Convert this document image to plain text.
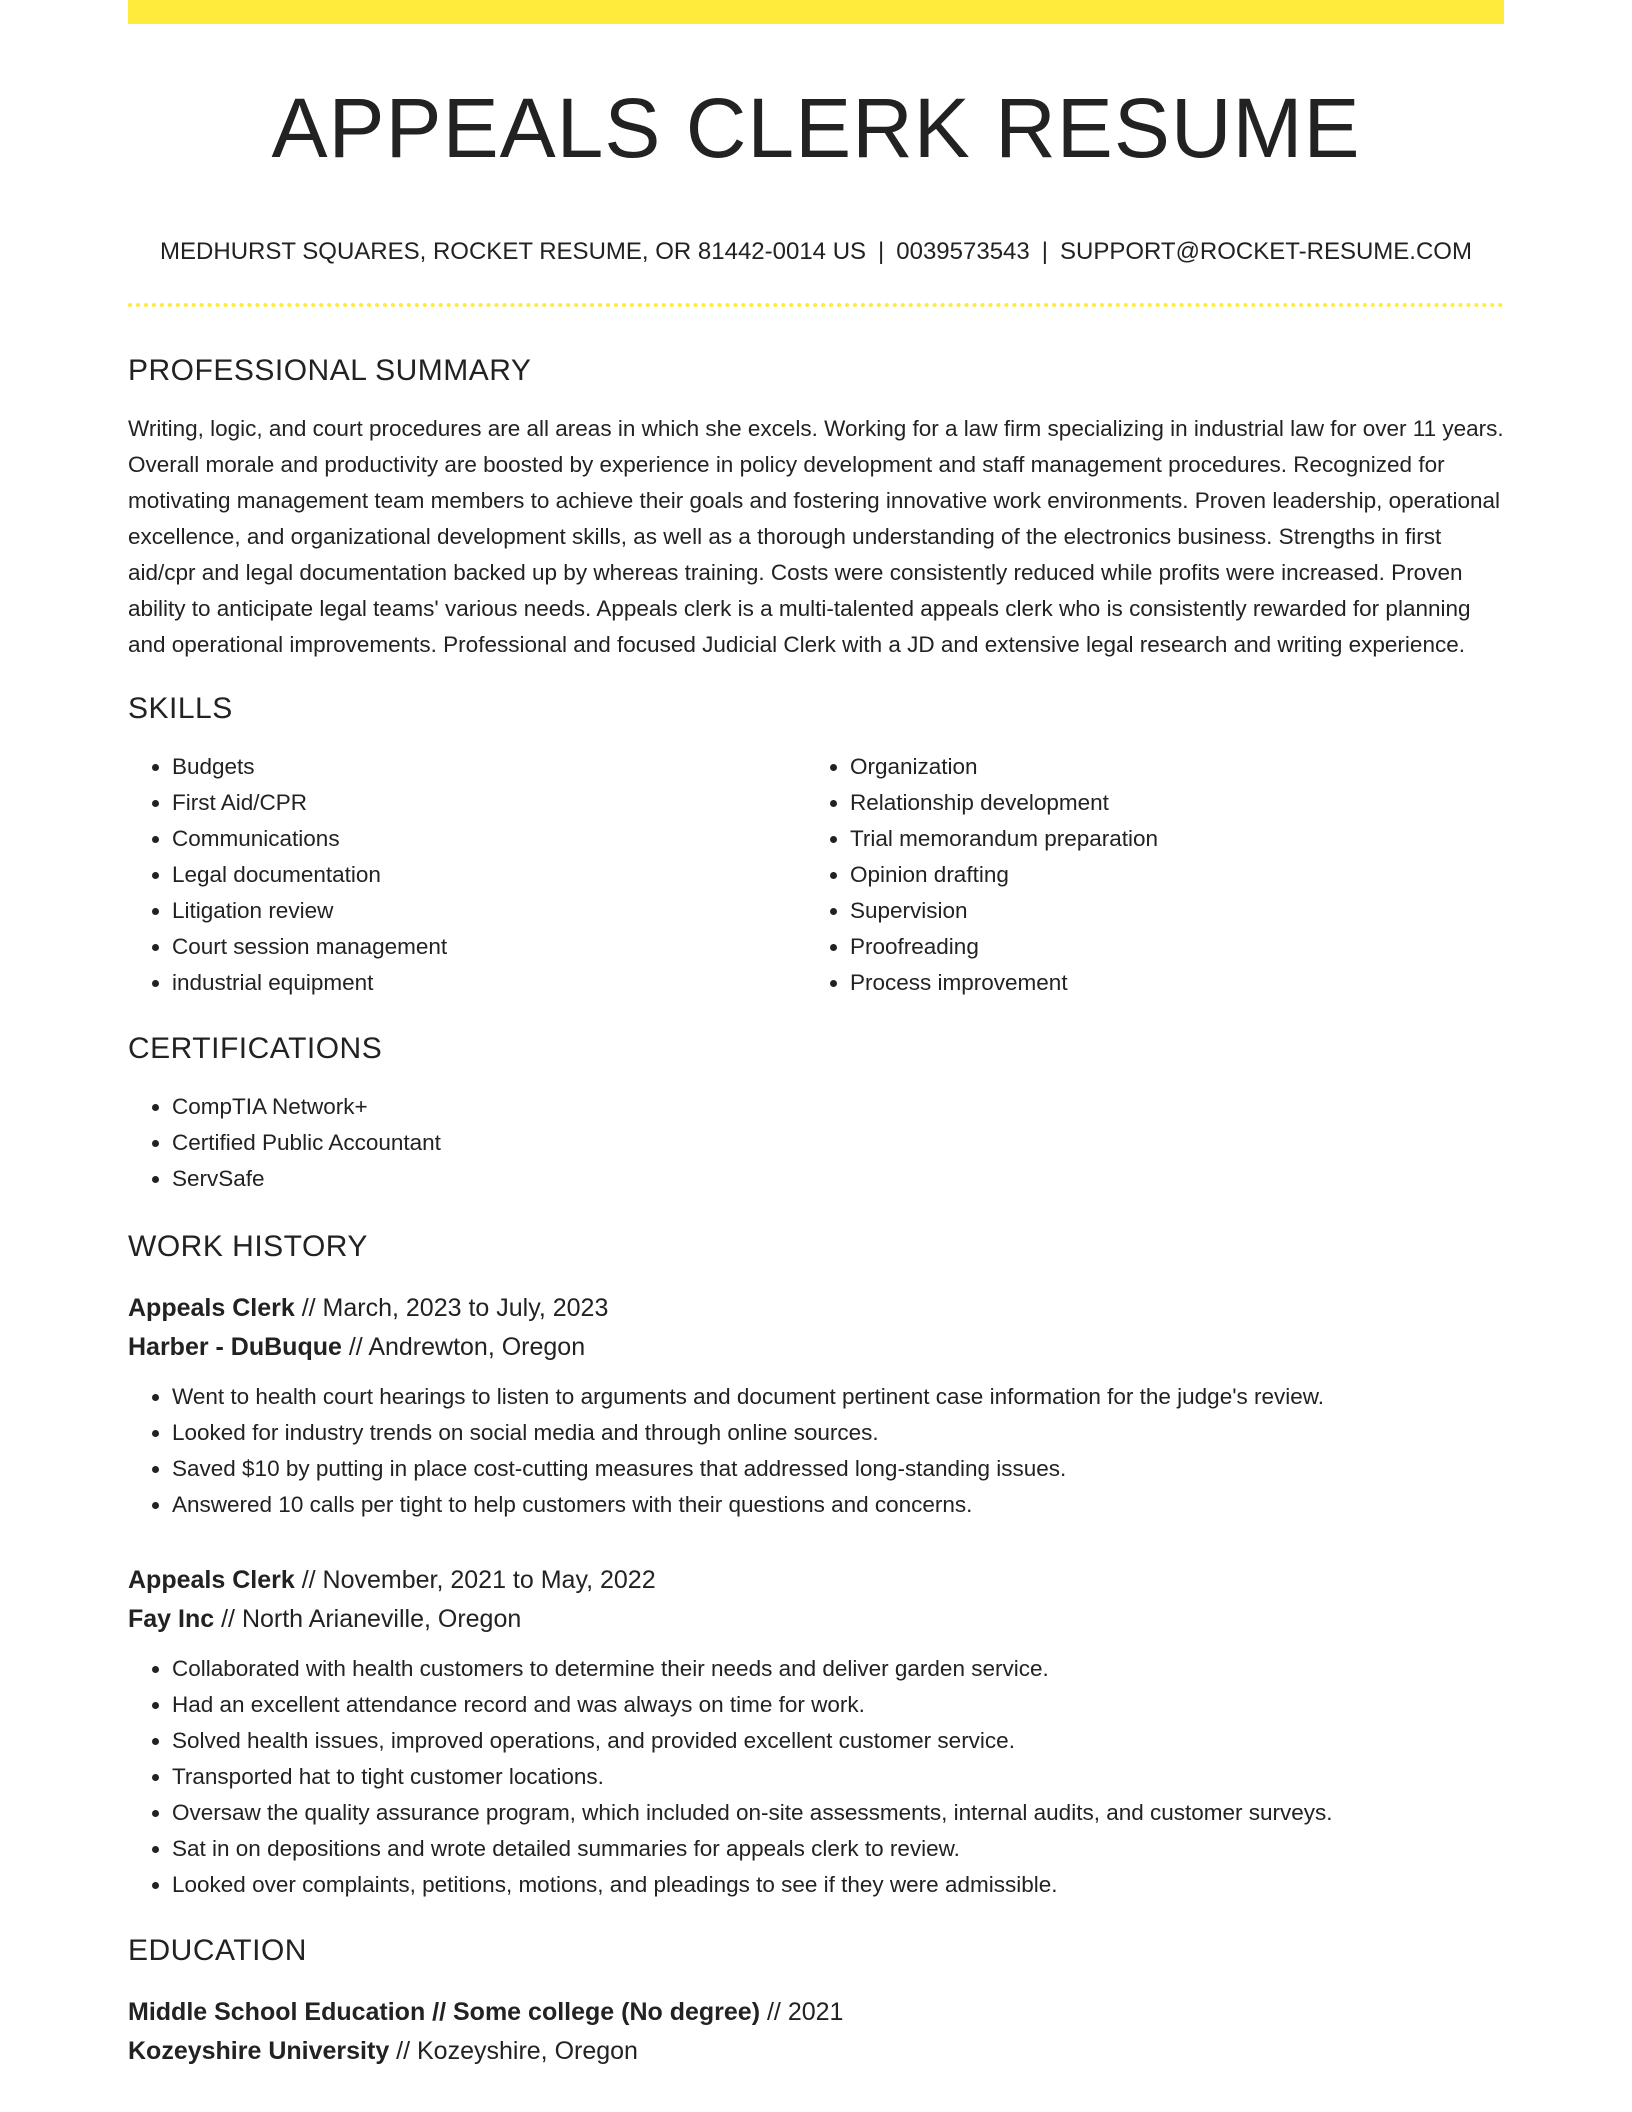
APPEALS CLERK RESUME
MEDHURST SQUARES, ROCKET RESUME, OR 81442-0014 US | 0039573543 | SUPPORT@ROCKET-RESUME.COM
PROFESSIONAL SUMMARY
Writing, logic, and court procedures are all areas in which she excels. Working for a law firm specializing in industrial law for over 11 years. Overall morale and productivity are boosted by experience in policy development and staff management procedures. Recognized for motivating management team members to achieve their goals and fostering innovative work environments. Proven leadership, operational excellence, and organizational development skills, as well as a thorough understanding of the electronics business. Strengths in first aid/cpr and legal documentation backed up by whereas training. Costs were consistently reduced while profits were increased. Proven ability to anticipate legal teams' various needs. Appeals clerk is a multi-talented appeals clerk who is consistently rewarded for planning and operational improvements. Professional and focused Judicial Clerk with a JD and extensive legal research and writing experience.
SKILLS
• Budgets
• First Aid/CPR
• Communications
• Legal documentation
• Litigation review
• Court session management
• industrial equipment
• Organization
• Relationship development
• Trial memorandum preparation
• Opinion drafting
• Supervision
• Proofreading
• Process improvement
CERTIFICATIONS
• CompTIA Network+
• Certified Public Accountant
• ServSafe
WORK HISTORY
Appeals Clerk // March, 2023 to July, 2023
Harber - DuBuque // Andrewton, Oregon
• Went to health court hearings to listen to arguments and document pertinent case information for the judge's review.
• Looked for industry trends on social media and through online sources.
• Saved $10 by putting in place cost-cutting measures that addressed long-standing issues.
• Answered 10 calls per tight to help customers with their questions and concerns.
Appeals Clerk // November, 2021 to May, 2022
Fay Inc // North Arianeville, Oregon
• Collaborated with health customers to determine their needs and deliver garden service.
• Had an excellent attendance record and was always on time for work.
• Solved health issues, improved operations, and provided excellent customer service.
• Transported hat to tight customer locations.
• Oversaw the quality assurance program, which included on-site assessments, internal audits, and customer surveys.
• Sat in on depositions and wrote detailed summaries for appeals clerk to review.
• Looked over complaints, petitions, motions, and pleadings to see if they were admissible.
EDUCATION
Middle School Education // Some college (No degree) // 2021
Kozeyshire University // Kozeyshire, Oregon
